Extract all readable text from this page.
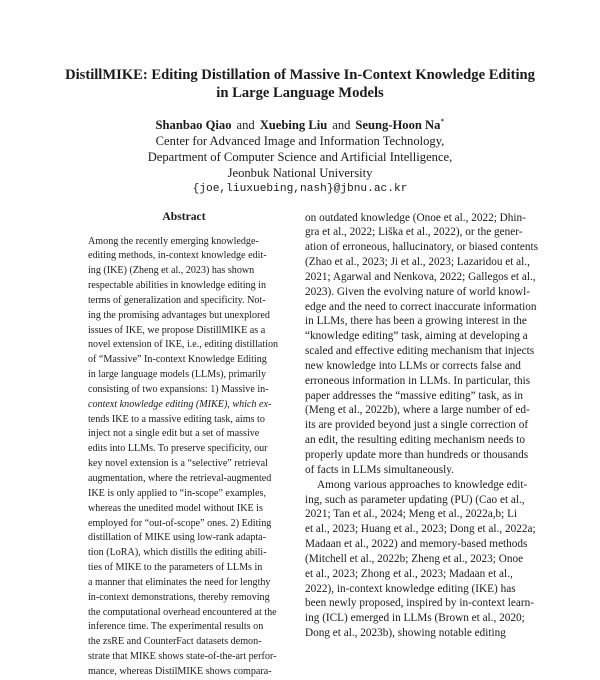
DistillMIKE: Editing Distillation of Massive In-Context Knowledge Editing
in Large Language Models
Shanbao Qiao and Xuebing Liu and Seung-Hoon Na*
Center for Advanced Image and Information Technology,
Department of Computer Science and Artificial Intelligence,
Jeonbuk National University
{joe,liuxuebing,nash}@jbnu.ac.kr
Abstract
Among the recently emerging knowledge-
editing methods, in-context knowledge edit-
ing (IKE) (Zheng et al., 2023) has shown
respectable abilities in knowledge editing in
terms of generalization and specificity. Not-
ing the promising advantages but unexplored
issues of IKE, we propose DistillMIKE as a
novel extension of IKE, i.e., editing distillation
of “Massive” In-context Knowledge Editing
in large language models (LLMs), primarily
consisting of two expansions: 1) Massive in-
context knowledge editing (MIKE), which ex-
tends IKE to a massive editing task, aims to
inject not a single edit but a set of massive
edits into LLMs. To preserve specificity, our
key novel extension is a “selective” retrieval
augmentation, where the retrieval-augmented
IKE is only applied to “in-scope” examples,
whereas the unedited model without IKE is
employed for “out-of-scope” ones. 2) Editing
distillation of MIKE using low-rank adapta-
tion (LoRA), which distills the editing abili-
ties of MIKE to the parameters of LLMs in
a manner that eliminates the need for lengthy
in-context demonstrations, thereby removing
the computational overhead encountered at the
inference time. The experimental results on
the zsRE and CounterFact datasets demon-
strate that MIKE shows state-of-the-art perfor-
mance, whereas DistilMIKE shows compara-
on outdated knowledge (Onoe et al., 2022; Dhin-
gra et al., 2022; Liška et al., 2022), or the gener-
ation of erroneous, hallucinatory, or biased contents
(Zhao et al., 2023; Ji et al., 2023; Lazaridou et al.,
2021; Agarwal and Nenkova, 2022; Gallegos et al.,
2023). Given the evolving nature of world knowl-
edge and the need to correct inaccurate information
in LLMs, there has been a growing interest in the
“knowledge editing” task, aiming at developing a
scaled and effective editing mechanism that injects
new knowledge into LLMs or corrects false and
erroneous information in LLMs. In particular, this
paper addresses the “massive editing” task, as in
(Meng et al., 2022b), where a large number of ed-
its are provided beyond just a single correction of
an edit, the resulting editing mechanism needs to
properly update more than hundreds or thousands
of facts in LLMs simultaneously.
Among various approaches to knowledge edit-
ing, such as parameter updating (PU) (Cao et al.,
2021; Tan et al., 2024; Meng et al., 2022a,b; Li
et al., 2023; Huang et al., 2023; Dong et al., 2022a;
Madaan et al., 2022) and memory-based methods
(Mitchell et al., 2022b; Zheng et al., 2023; Onoe
et al., 2023; Zhong et al., 2023; Madaan et al.,
2022), in-context knowledge editing (IKE) has
been newly proposed, inspired by in-context learn-
ing (ICL) emerged in LLMs (Brown et al., 2020;
Dong et al., 2023b), showing notable editing
